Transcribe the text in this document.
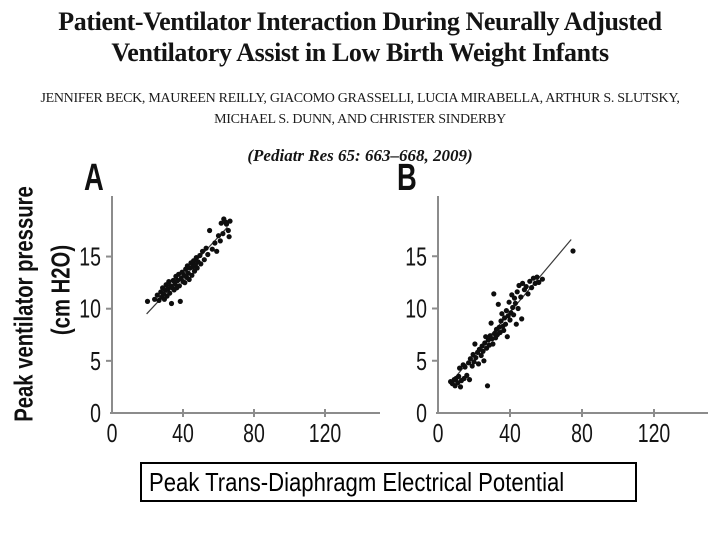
Patient-Ventilator Interaction During Neurally Adjusted
Ventilatory Assist in Low Birth Weight Infants
JENNIFER BECK, MAUREEN REILLY, GIACOMO GRASSELLI, LUCIA MIRABELLA, ARTHUR S. SLUTSKY,
MICHAEL S. DUNN, AND CHRISTER SINDERBY
(Pediatr Res 65: 663–668, 2009)
Peak ventilator pressure (cm H2O)
A	B
0 40 80 120
0
5
10
15
0 40 80 120
0
5
10
15
Peak Trans-Diaphragm Electrical Potential
